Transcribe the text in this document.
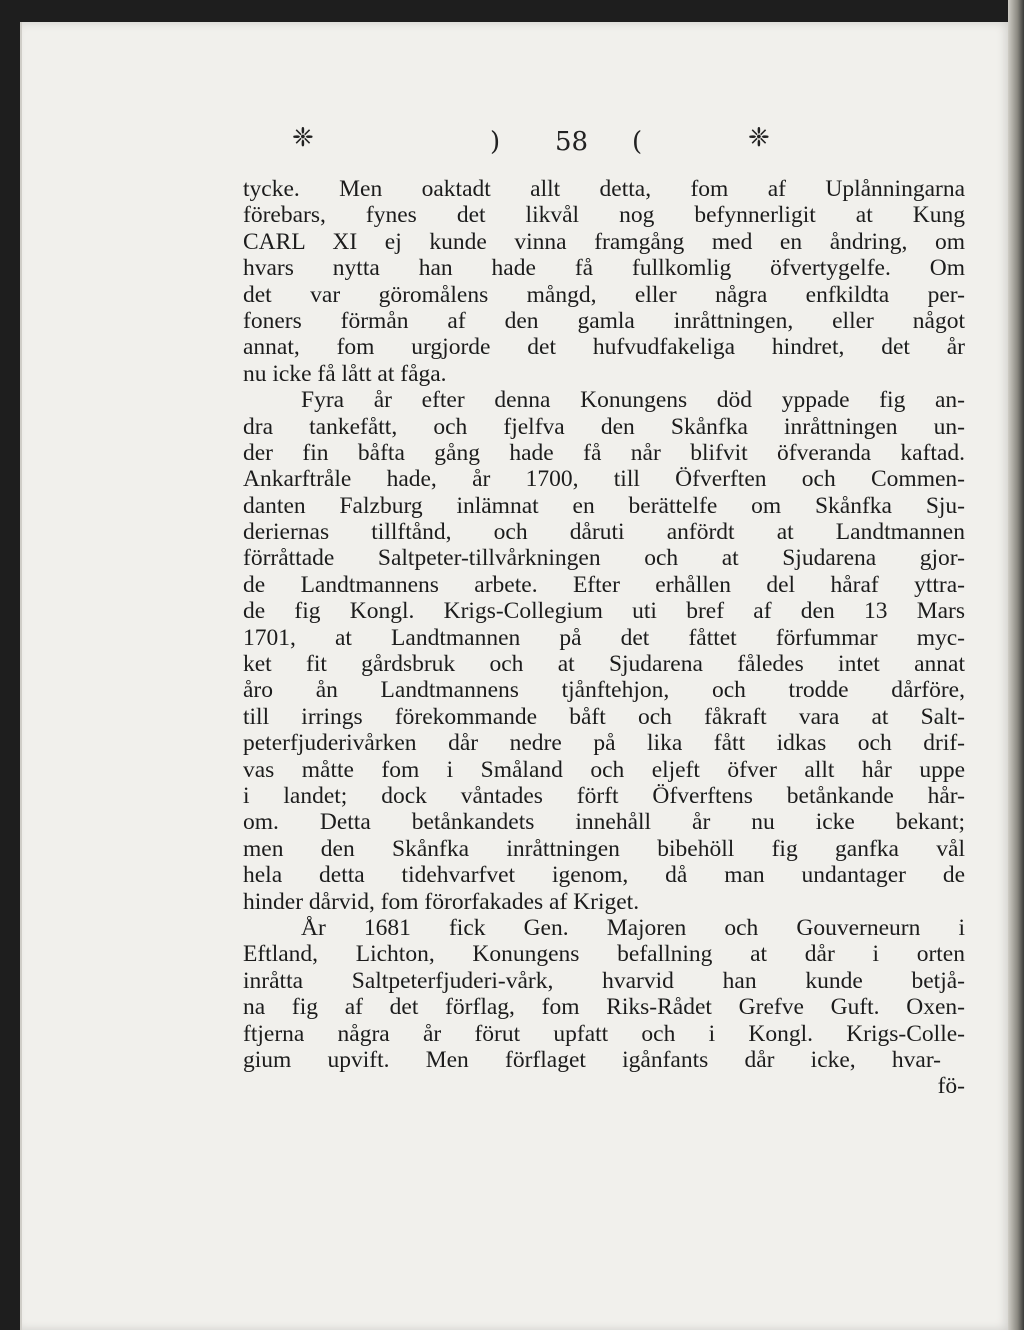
❈	) 58 (	❈
tycke. Men oaktadt allt detta, fom af Uplånningarna
förebars, fynes det likvål nog befynnerligit at Kung
CARL XI ej kunde vinna framgång med en åndring, om
hvars nytta han hade få fullkomlig öfvertygelfe. Om
det var göromålens mångd, eller några enfkildta per-
foners förmån af den gamla inråttningen, eller något
annat, fom urgjorde det hufvudfakeliga hindret, det år
nu icke få lått at fåga.
Fyra år efter denna Konungens död yppade fig an-
dra tankefått, och fjelfva den Skånfka inråttningen un-
der fin båfta gång hade få når blifvit öfveranda kaftad.
Ankarftråle hade, år 1700, till Öfverften och Commen-
danten Falzburg inlämnat en berättelfe om Skånfka Sju-
deriernas tillftånd, och dåruti anfördt at Landtmannen
förråttade Saltpeter-tillvårkningen och at Sjudarena gjor-
de Landtmannens arbete. Efter erhållen del håraf yttra-
de fig Kongl. Krigs-Collegium uti bref af den 13 Mars
1701, at Landtmannen på det fåttet förfummar myc-
ket fit gårdsbruk och at Sjudarena fåledes intet annat
åro ån Landtmannens tjånftehjon, och trodde dårföre,
till irrings förekommande båft och fåkraft vara at Salt-
peterfjuderivårken dår nedre på lika fått idkas och drif-
vas måtte fom i Småland och eljeft öfver allt hår uppe
i landet; dock våntades förft Öfverftens betånkande hår-
om. Detta betånkandets innehåll år nu icke bekant;
men den Skånfka inråttningen bibehöll fig ganfka vål
hela detta tidehvarfvet igenom, då man undantager de
hinder dårvid, fom förorfakades af Kriget.
År 1681 fick Gen. Majoren och Gouverneurn i
Eftland, Lichton, Konungens befallning at dår i orten
inråtta Saltpeterfjuderi-vårk, hvarvid han kunde betjå-
na fig af det förflag, fom Riks-Rådet Grefve Guft. Oxen-
ftjerna några år förut upfatt och i Kongl. Krigs-Colle-
gium upvift. Men förflaget igånfants dår icke, hvar-
fö-
